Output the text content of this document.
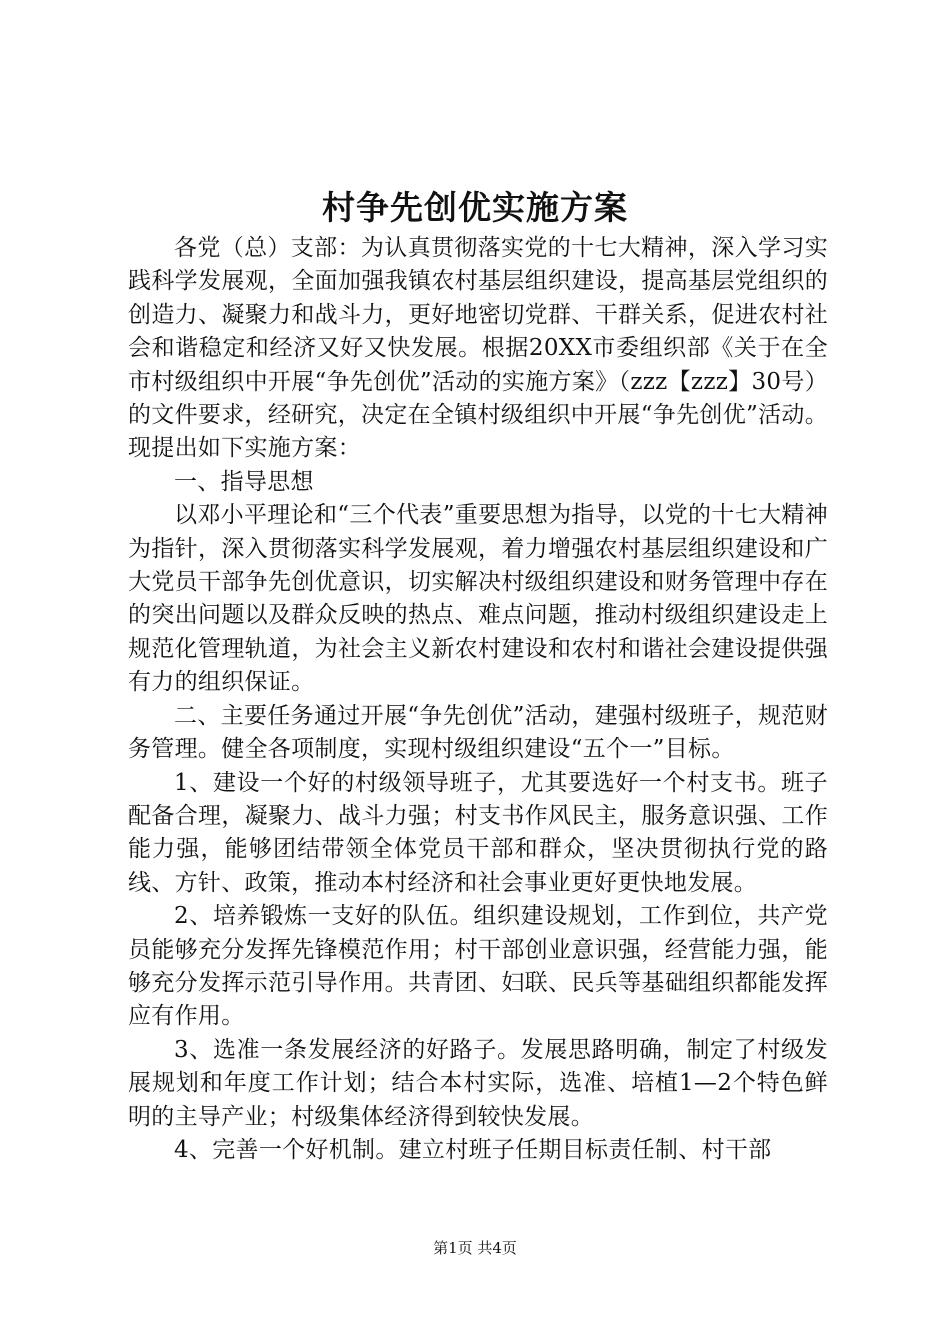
村争先创优实施方案

各党（总）支部：为认真贯彻落实党的十七大精神，深入学习实践科学发展观，全面加强我镇农村基层组织建设，提高基层党组织的创造力、凝聚力和战斗力，更好地密切党群、干群关系，促进农村社会和谐稳定和经济又好又快发展。根据20XX市委组织部《关于在全市村级组织中开展“争先创优”活动的实施方案》（zzz【zzz】30号）的文件要求，经研究，决定在全镇村级组织中开展“争先创优”活动。现提出如下实施方案：

一、指导思想

以邓小平理论和“三个代表”重要思想为指导，以党的十七大精神为指针，深入贯彻落实科学发展观，着力增强农村基层组织建设和广大党员干部争先创优意识，切实解决村级组织建设和财务管理中存在的突出问题以及群众反映的热点、难点问题，推动村级组织建设走上规范化管理轨道，为社会主义新农村建设和农村和谐社会建设提供强有力的组织保证。

二、主要任务通过开展“争先创优”活动，建强村级班子，规范财务管理。健全各项制度，实现村级组织建设“五个一”目标。

1、建设一个好的村级领导班子，尤其要选好一个村支书。班子配备合理，凝聚力、战斗力强；村支书作风民主，服务意识强、工作能力强，能够团结带领全体党员干部和群众，坚决贯彻执行党的路线、方针、政策，推动本村经济和社会事业更好更快地发展。

2、培养锻炼一支好的队伍。组织建设规划，工作到位，共产党员能够充分发挥先锋模范作用；村干部创业意识强，经营能力强，能够充分发挥示范引导作用。共青团、妇联、民兵等基础组织都能发挥应有作用。

3、选准一条发展经济的好路子。发展思路明确，制定了村级发展规划和年度工作计划；结合本村实际，选准、培植1—2个特色鲜明的主导产业；村级集体经济得到较快发展。

4、完善一个好机制。建立村班子任期目标责任制、村干部

第1页 共4页
